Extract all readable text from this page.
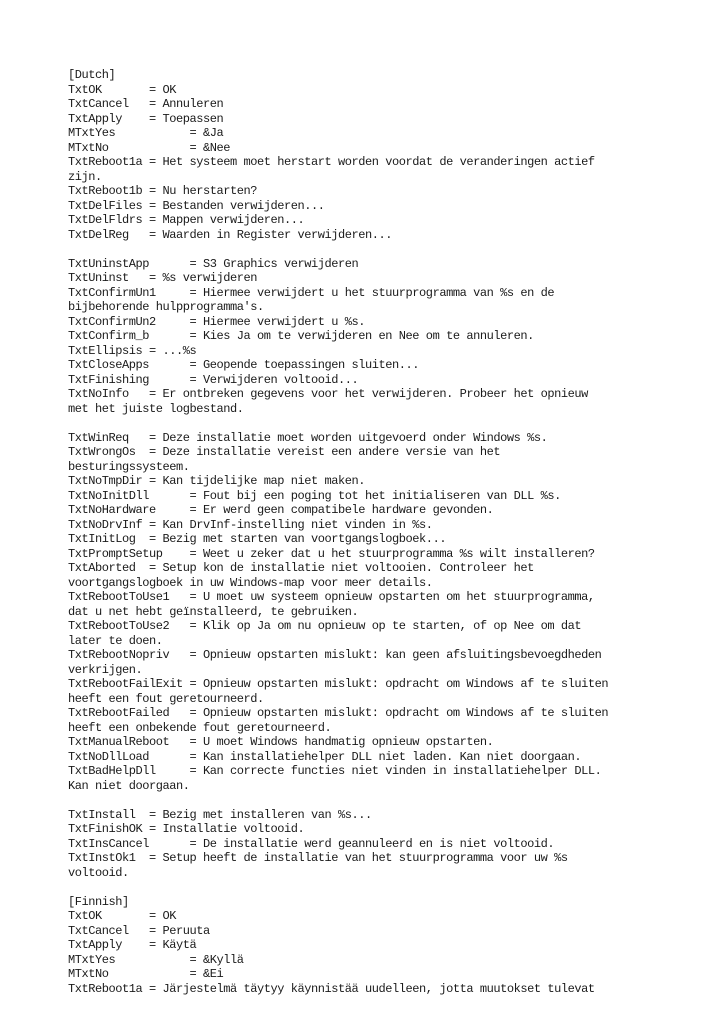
[Dutch]
TxtOK       = OK
TxtCancel   = Annuleren
TxtApply    = Toepassen
MTxtYes           = &Ja
MTxtNo            = &Nee
TxtReboot1a = Het systeem moet herstart worden voordat de veranderingen actief
zijn.
TxtReboot1b = Nu herstarten?
TxtDelFiles = Bestanden verwijderen...
TxtDelFldrs = Mappen verwijderen...
TxtDelReg   = Waarden in Register verwijderen...
TxtUninstApp      = S3 Graphics verwijderen
TxtUninst   = %s verwijderen
TxtConfirmUn1     = Hiermee verwijdert u het stuurprogramma van %s en de
bijbehorende hulpprogramma's.
TxtConfirmUn2     = Hiermee verwijdert u %s.
TxtConfirm_b      = Kies Ja om te verwijderen en Nee om te annuleren.
TxtEllipsis = ...%s
TxtCloseApps      = Geopende toepassingen sluiten...
TxtFinishing      = Verwijderen voltooid...
TxtNoInfo   = Er ontbreken gegevens voor het verwijderen. Probeer het opnieuw
met het juiste logbestand.
TxtWinReq   = Deze installatie moet worden uitgevoerd onder Windows %s.
TxtWrongOs  = Deze installatie vereist een andere versie van het
besturingssysteem.
TxtNoTmpDir = Kan tijdelijke map niet maken.
TxtNoInitDll      = Fout bij een poging tot het initialiseren van DLL %s.
TxtNoHardware     = Er werd geen compatibele hardware gevonden.
TxtNoDrvInf = Kan DrvInf-instelling niet vinden in %s.
TxtInitLog  = Bezig met starten van voortgangslogboek...
TxtPromptSetup    = Weet u zeker dat u het stuurprogramma %s wilt installeren?
TxtAborted  = Setup kon de installatie niet voltooien. Controleer het
voortgangslogboek in uw Windows-map voor meer details.
TxtRebootToUse1   = U moet uw systeem opnieuw opstarten om het stuurprogramma,
dat u net hebt geïnstalleerd, te gebruiken.
TxtRebootToUse2   = Klik op Ja om nu opnieuw op te starten, of op Nee om dat
later te doen.
TxtRebootNopriv   = Opnieuw opstarten mislukt: kan geen afsluitingsbevoegdheden
verkrijgen.
TxtRebootFailExit = Opnieuw opstarten mislukt: opdracht om Windows af te sluiten
heeft een fout geretourneerd.
TxtRebootFailed   = Opnieuw opstarten mislukt: opdracht om Windows af te sluiten
heeft een onbekende fout geretourneerd.
TxtManualReboot   = U moet Windows handmatig opnieuw opstarten.
TxtNoDllLoad      = Kan installatiehelper DLL niet laden. Kan niet doorgaan.
TxtBadHelpDll     = Kan correcte functies niet vinden in installatiehelper DLL.
Kan niet doorgaan.
TxtInstall  = Bezig met installeren van %s...
TxtFinishOK = Installatie voltooid.
TxtInsCancel      = De installatie werd geannuleerd en is niet voltooid.
TxtInstOk1  = Setup heeft de installatie van het stuurprogramma voor uw %s
voltooid.
[Finnish]
TxtOK       = OK
TxtCancel   = Peruuta
TxtApply    = Käytä
MTxtYes           = &Kyllä
MTxtNo            = &Ei
TxtReboot1a = Järjestelmä täytyy käynnistää uudelleen, jotta muutokset tulevat
